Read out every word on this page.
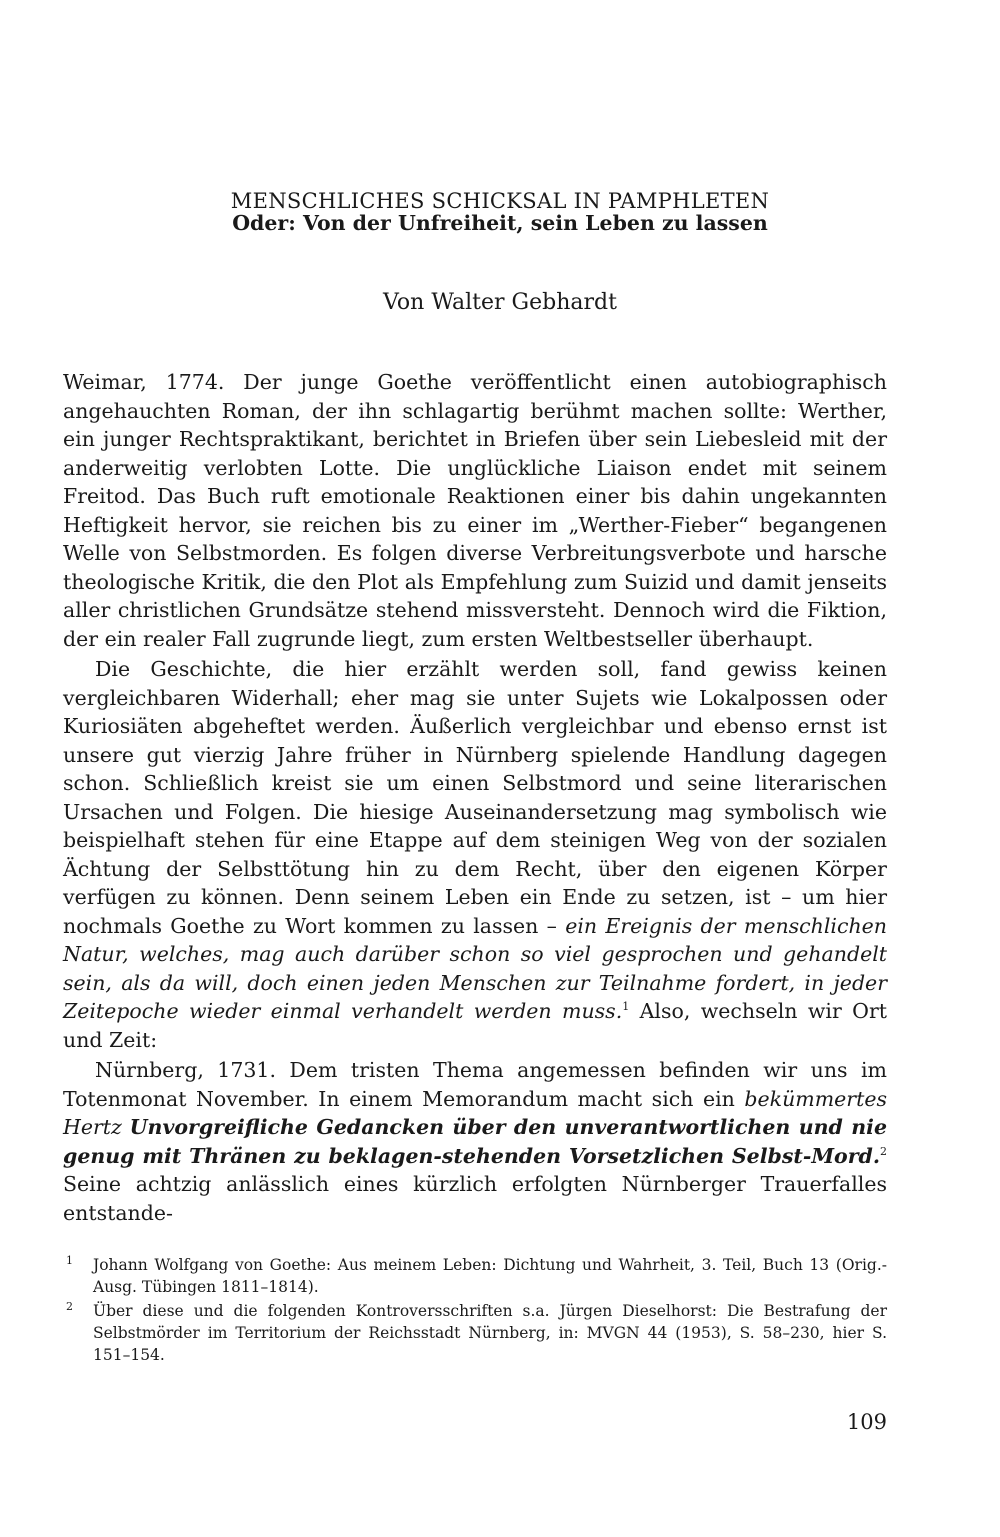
MENSCHLICHES SCHICKSAL IN PAMPHLETEN
Oder: Von der Unfreiheit, sein Leben zu lassen
Von Walter Gebhardt

Weimar, 1774. Der junge Goethe veröffentlicht einen autobiographisch angehauchten Roman, der ihn schlagartig berühmt machen sollte: Werther, ein junger Rechtspraktikant, berichtet in Briefen über sein Liebesleid mit der anderweitig verlobten Lotte. Die unglückliche Liaison endet mit seinem Freitod. Das Buch ruft emotionale Reaktionen einer bis dahin ungekannten Heftigkeit hervor, sie reichen bis zu einer im „Werther-Fieber“ begangenen Welle von Selbstmorden. Es folgen diverse Verbreitungsverbote und harsche theologische Kritik, die den Plot als Empfehlung zum Suizid und damit jenseits aller christlichen Grundsätze stehend missversteht. Dennoch wird die Fiktion, der ein realer Fall zugrunde liegt, zum ersten Weltbestseller überhaupt.

Die Geschichte, die hier erzählt werden soll, fand gewiss keinen vergleichbaren Widerhall; eher mag sie unter Sujets wie Lokalpossen oder Kuriosiäten abgeheftet werden. Äußerlich vergleichbar und ebenso ernst ist unsere gut vierzig Jahre früher in Nürnberg spielende Handlung dagegen schon. Schließlich kreist sie um einen Selbstmord und seine literarischen Ursachen und Folgen. Die hiesige Auseinandersetzung mag symbolisch wie beispielhaft stehen für eine Etappe auf dem steinigen Weg von der sozialen Ächtung der Selbsttötung hin zu dem Recht, über den eigenen Körper verfügen zu können. Denn seinem Leben ein Ende zu setzen, ist – um hier nochmals Goethe zu Wort kommen zu lassen – ein Ereignis der menschlichen Natur, welches, mag auch darüber schon so viel gesprochen und gehandelt sein, als da will, doch einen jeden Menschen zur Teilnahme fordert, in jeder Zeitepoche wieder einmal verhandelt werden muss.$^1$ Also, wechseln wir Ort und Zeit:

Nürnberg, 1731. Dem tristen Thema angemessen befinden wir uns im Totenmonat November. In einem Memorandum macht sich ein bekümmertes Hertz Unvorgreifliche Gedancken über den unverantwortlichen und nie genug mit Thränen zu beklagen-stehenden Vorsetzlichen Selbst-Mord.$^2$ Seine achtzig anlässlich eines kürzlich erfolgten Nürnberger Trauerfalles entstande-

1 Johann Wolfgang von Goethe: Aus meinem Leben: Dichtung und Wahrheit, 3. Teil, Buch 13 (Orig.-Ausg. Tübingen 1811–1814).
2 Über diese und die folgenden Kontroversschriften s.a. Jürgen Dieselhorst: Die Bestrafung der Selbstmörder im Territorium der Reichsstadt Nürnberg, in: MVGN 44 (1953), S. 58–230, hier S. 151–154.
109
